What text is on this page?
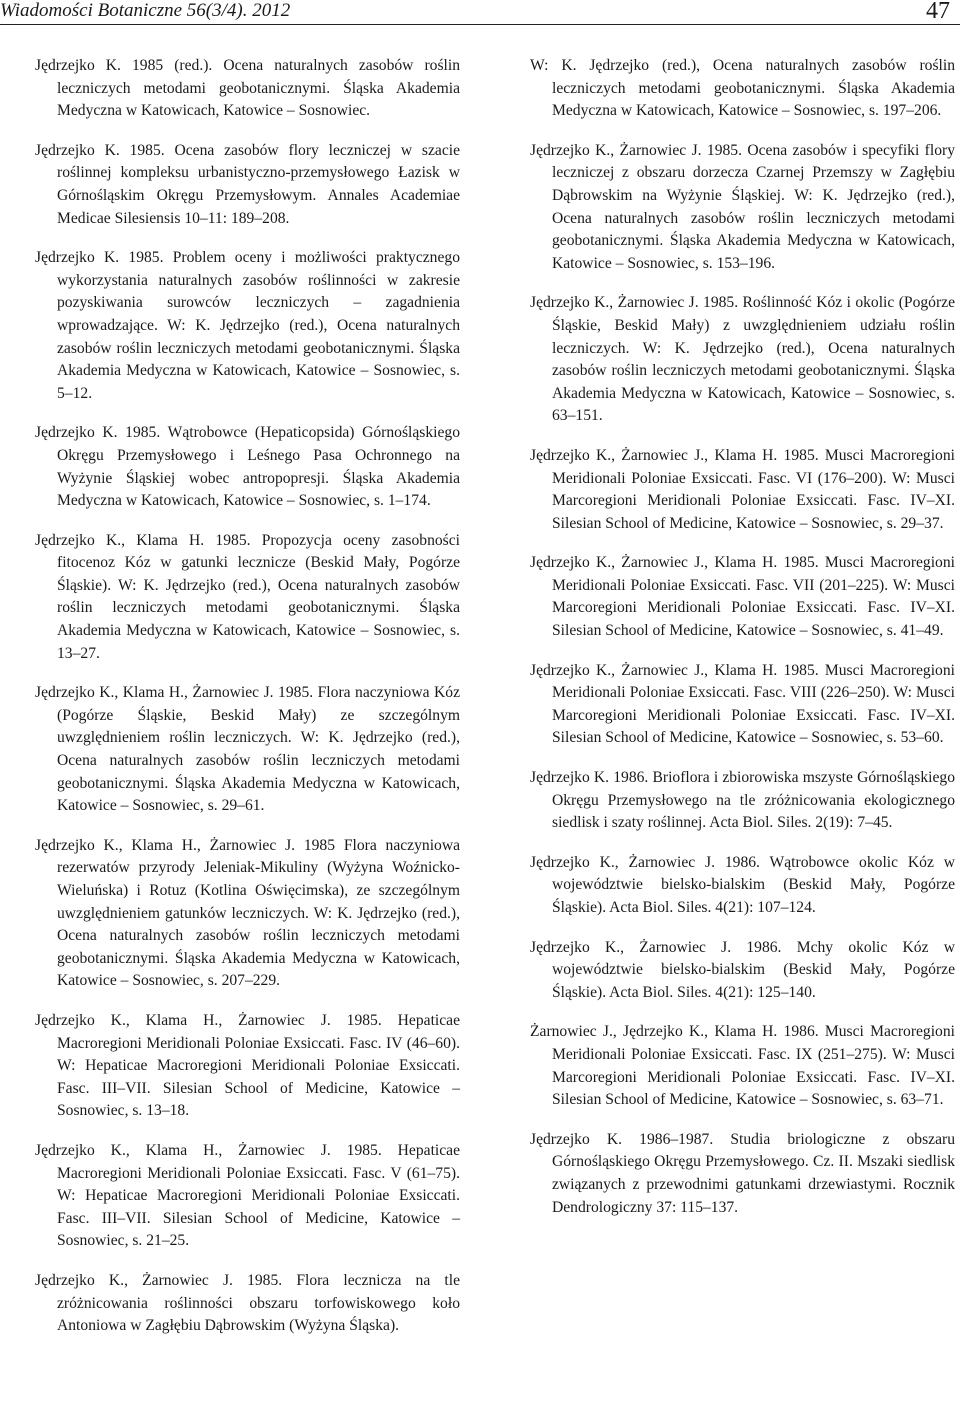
Wiadomości Botaniczne 56(3/4). 2012	47

Jędrzejko K. 1985 (red.). Ocena naturalnych zasobów roślin leczniczych metodami geobotanicznymi. Śląska Akademia Medyczna w Katowicach, Katowice – Sosnowiec.

Jędrzejko K. 1985. Ocena zasobów flory leczniczej w szacie roślinnej kompleksu urbanistyczno-przemysłowego Łazisk w Górnośląskim Okręgu Przemysłowym. Annales Academiae Medicae Silesiensis 10–11: 189–208.

Jędrzejko K. 1985. Problem oceny i możliwości praktycznego wykorzystania naturalnych zasobów roślinności w zakresie pozyskiwania surowców leczniczych – zagadnienia wprowadzające. W: K. Jędrzejko (red.), Ocena naturalnych zasobów roślin leczniczych metodami geobotanicznymi. Śląska Akademia Medyczna w Katowicach, Katowice – Sosnowiec, s. 5–12.

Jędrzejko K. 1985. Wątrobowce (Hepaticopsida) Górnośląskiego Okręgu Przemysłowego i Leśnego Pasa Ochronnego na Wyżynie Śląskiej wobec antropopresji. Śląska Akademia Medyczna w Katowicach, Katowice – Sosnowiec, s. 1–174.

Jędrzejko K., Klama H. 1985. Propozycja oceny zasobności fitocenoz Kóz w gatunki lecznicze (Beskid Mały, Pogórze Śląskie). W: K. Jędrzejko (red.), Ocena naturalnych zasobów roślin leczniczych metodami geobotanicznymi. Śląska Akademia Medyczna w Katowicach, Katowice – Sosnowiec, s. 13–27.

Jędrzejko K., Klama H., Żarnowiec J. 1985. Flora naczyniowa Kóz (Pogórze Śląskie, Beskid Mały) ze szczególnym uwzględnieniem roślin leczniczych. W: K. Jędrzejko (red.), Ocena naturalnych zasobów roślin leczniczych metodami geobotanicznymi. Śląska Akademia Medyczna w Katowicach, Katowice – Sosnowiec, s. 29–61.

Jędrzejko K., Klama H., Żarnowiec J. 1985 Flora naczyniowa rezerwatów przyrody Jeleniak-Mikuliny (Wyżyna Woźnicko-Wieluńska) i Rotuz (Kotlina Oświęcimska), ze szczególnym uwzględnieniem gatunków leczniczych. W: K. Jędrzejko (red.), Ocena naturalnych zasobów roślin leczniczych metodami geobotanicznymi. Śląska Akademia Medyczna w Katowicach, Katowice – Sosnowiec, s. 207–229.

Jędrzejko K., Klama H., Żarnowiec J. 1985. Hepaticae Macroregioni Meridionali Poloniae Exsiccati. Fasc. IV (46–60). W: Hepaticae Macroregioni Meridionali Poloniae Exsiccati. Fasc. III–VII. Silesian School of Medicine, Katowice – Sosnowiec, s. 13–18.

Jędrzejko K., Klama H., Żarnowiec J. 1985. Hepaticae Macroregioni Meridionali Poloniae Exsiccati. Fasc. V (61–75). W: Hepaticae Macroregioni Meridionali Poloniae Exsiccati. Fasc. III–VII. Silesian School of Medicine, Katowice – Sosnowiec, s. 21–25.

Jędrzejko K., Żarnowiec J. 1985. Flora lecznicza na tle zróżnicowania roślinności obszaru torfowiskowego koło Antoniowa w Zagłębiu Dąbrowskim (Wyżyna Śląska).

W: K. Jędrzejko (red.), Ocena naturalnych zasobów roślin leczniczych metodami geobotanicznymi. Śląska Akademia Medyczna w Katowicach, Katowice – Sosnowiec, s. 197–206.

Jędrzejko K., Żarnowiec J. 1985. Ocena zasobów i specyfiki flory leczniczej z obszaru dorzecza Czarnej Przemszy w Zagłębiu Dąbrowskim na Wyżynie Śląskiej. W: K. Jędrzejko (red.), Ocena naturalnych zasobów roślin leczniczych metodami geobotanicznymi. Śląska Akademia Medyczna w Katowicach, Katowice – Sosnowiec, s. 153–196.

Jędrzejko K., Żarnowiec J. 1985. Roślinność Kóz i okolic (Pogórze Śląskie, Beskid Mały) z uwzględnieniem udziału roślin leczniczych. W: K. Jędrzejko (red.), Ocena naturalnych zasobów roślin leczniczych metodami geobotanicznymi. Śląska Akademia Medyczna w Katowicach, Katowice – Sosnowiec, s. 63–151.

Jędrzejko K., Żarnowiec J., Klama H. 1985. Musci Macroregioni Meridionali Poloniae Exsiccati. Fasc. VI (176–200). W: Musci Marcoregioni Meridionali Poloniae Exsiccati. Fasc. IV–XI. Silesian School of Medicine, Katowice – Sosnowiec, s. 29–37.

Jędrzejko K., Żarnowiec J., Klama H. 1985. Musci Macroregioni Meridionali Poloniae Exsiccati. Fasc. VII (201–225). W: Musci Marcoregioni Meridionali Poloniae Exsiccati. Fasc. IV–XI. Silesian School of Medicine, Katowice – Sosnowiec, s. 41–49.

Jędrzejko K., Żarnowiec J., Klama H. 1985. Musci Macroregioni Meridionali Poloniae Exsiccati. Fasc. VIII (226–250). W: Musci Marcoregioni Meridionali Poloniae Exsiccati. Fasc. IV–XI. Silesian School of Medicine, Katowice – Sosnowiec, s. 53–60.

Jędrzejko K. 1986. Brioflora i zbiorowiska mszyste Górnośląskiego Okręgu Przemysłowego na tle zróżnicowania ekologicznego siedlisk i szaty roślinnej. Acta Biol. Siles. 2(19): 7–45.

Jędrzejko K., Żarnowiec J. 1986. Wątrobowce okolic Kóz w województwie bielsko-bialskim (Beskid Mały, Pogórze Śląskie). Acta Biol. Siles. 4(21): 107–124.

Jędrzejko K., Żarnowiec J. 1986. Mchy okolic Kóz w województwie bielsko-bialskim (Beskid Mały, Pogórze Śląskie). Acta Biol. Siles. 4(21): 125–140.

Żarnowiec J., Jędrzejko K., Klama H. 1986. Musci Macroregioni Meridionali Poloniae Exsiccati. Fasc. IX (251–275). W: Musci Marcoregioni Meridionali Poloniae Exsiccati. Fasc. IV–XI. Silesian School of Medicine, Katowice – Sosnowiec, s. 63–71.

Jędrzejko K. 1986–1987. Studia briologiczne z obszaru Górnośląskiego Okręgu Przemysłowego. Cz. II. Mszaki siedlisk związanych z przewodnimi gatunkami drzewiastymi. Rocznik Dendrologiczny 37: 115–137.
